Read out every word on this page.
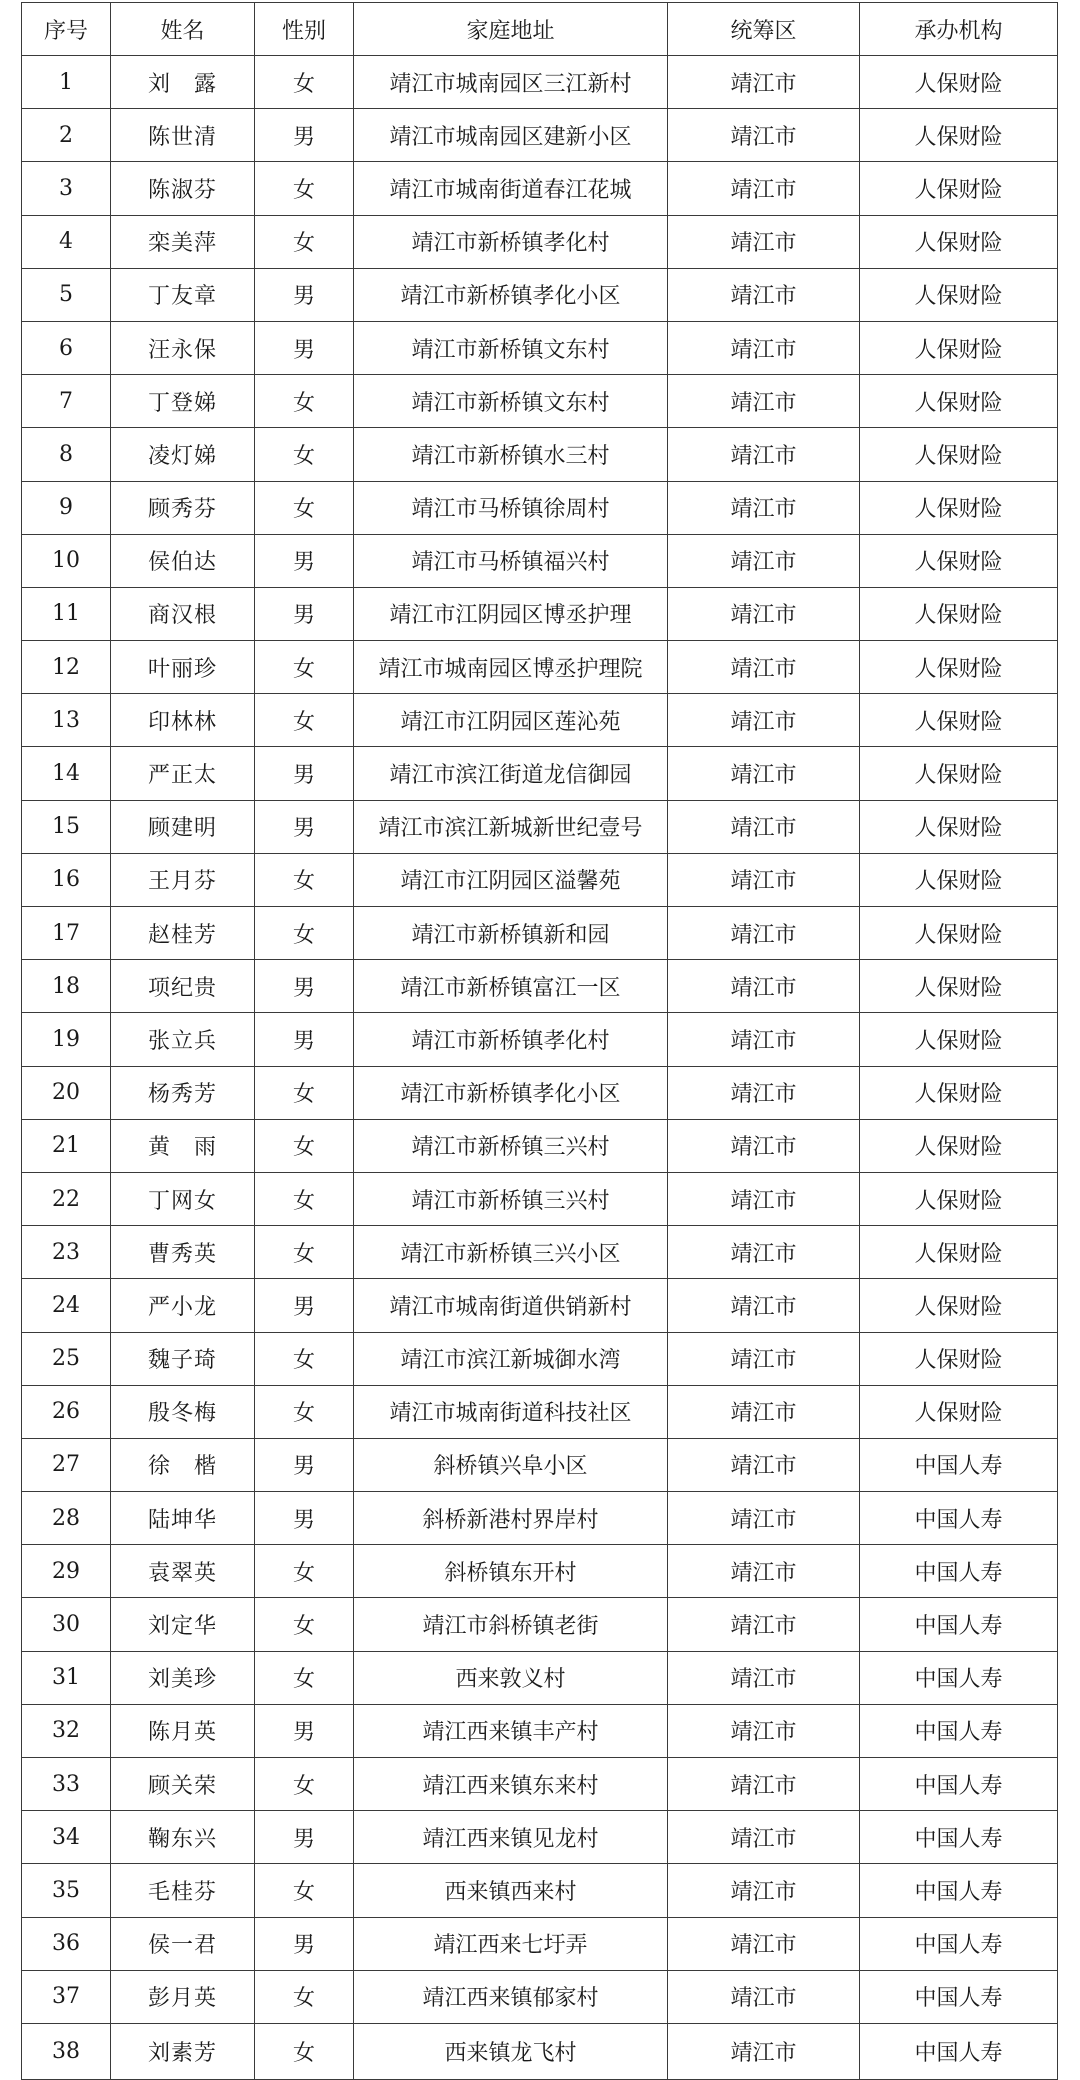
序号	姓名	性别	家庭地址	统筹区	承办机构
1	刘　露	女	靖江市城南园区三江新村	靖江市	人保财险
2	陈世清	男	靖江市城南园区建新小区	靖江市	人保财险
3	陈淑芬	女	靖江市城南街道春江花城	靖江市	人保财险
4	栾美萍	女	靖江市新桥镇孝化村	靖江市	人保财险
5	丁友章	男	靖江市新桥镇孝化小区	靖江市	人保财险
6	汪永保	男	靖江市新桥镇文东村	靖江市	人保财险
7	丁登娣	女	靖江市新桥镇文东村	靖江市	人保财险
8	凌灯娣	女	靖江市新桥镇水三村	靖江市	人保财险
9	顾秀芬	女	靖江市马桥镇徐周村	靖江市	人保财险
10	侯伯达	男	靖江市马桥镇福兴村	靖江市	人保财险
11	商汉根	男	靖江市江阴园区博丞护理	靖江市	人保财险
12	叶丽珍	女	靖江市城南园区博丞护理院	靖江市	人保财险
13	印林林	女	靖江市江阴园区莲沁苑	靖江市	人保财险
14	严正太	男	靖江市滨江街道龙信御园	靖江市	人保财险
15	顾建明	男	靖江市滨江新城新世纪壹号	靖江市	人保财险
16	王月芬	女	靖江市江阴园区溢馨苑	靖江市	人保财险
17	赵桂芳	女	靖江市新桥镇新和园	靖江市	人保财险
18	项纪贵	男	靖江市新桥镇富江一区	靖江市	人保财险
19	张立兵	男	靖江市新桥镇孝化村	靖江市	人保财险
20	杨秀芳	女	靖江市新桥镇孝化小区	靖江市	人保财险
21	黄　雨	女	靖江市新桥镇三兴村	靖江市	人保财险
22	丁网女	女	靖江市新桥镇三兴村	靖江市	人保财险
23	曹秀英	女	靖江市新桥镇三兴小区	靖江市	人保财险
24	严小龙	男	靖江市城南街道供销新村	靖江市	人保财险
25	魏子琦	女	靖江市滨江新城御水湾	靖江市	人保财险
26	殷冬梅	女	靖江市城南街道科技社区	靖江市	人保财险
27	徐　楷	男	斜桥镇兴阜小区	靖江市	中国人寿
28	陆坤华	男	斜桥新港村界岸村	靖江市	中国人寿
29	袁翠英	女	斜桥镇东开村	靖江市	中国人寿
30	刘定华	女	靖江市斜桥镇老街	靖江市	中国人寿
31	刘美珍	女	西来敦义村	靖江市	中国人寿
32	陈月英	男	靖江西来镇丰产村	靖江市	中国人寿
33	顾关荣	女	靖江西来镇东来村	靖江市	中国人寿
34	鞠东兴	男	靖江西来镇见龙村	靖江市	中国人寿
35	毛桂芬	女	西来镇西来村	靖江市	中国人寿
36	侯一君	男	靖江西来七圩弄	靖江市	中国人寿
37	彭月英	女	靖江西来镇郁家村	靖江市	中国人寿
38	刘素芳	女	西来镇龙飞村	靖江市	中国人寿
